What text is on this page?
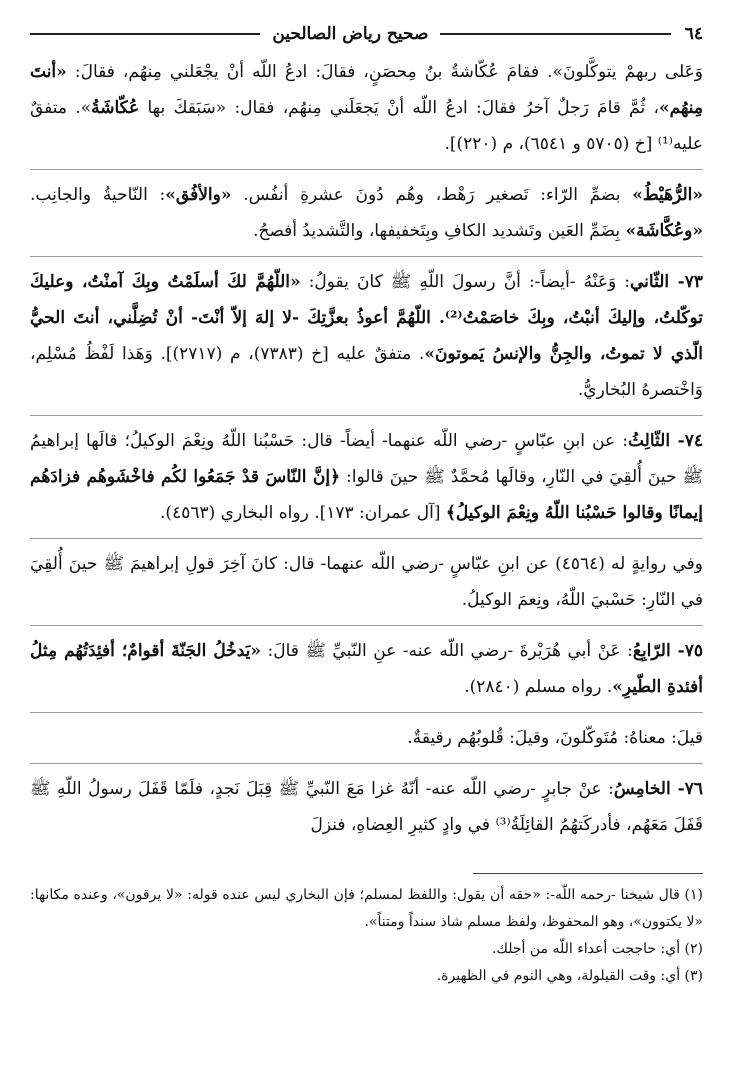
٦٤
صحيح رياض الصالحين

وَعَلى ربهمْ يتوكَّلونَ». فقامَ عُكّاشةُ بنُ مِحصَنٍ، فقالَ: ادعُ اللّه أنْ يجْعَلني مِنهُم، فقالَ: «أنتَ مِنهُم»، ثُمَّ قامَ رَجلٌ آخرُ فقالَ: ادعُ اللّه أنْ يَجعَلَني مِنهُم، فقال: «سَبَقكَ بها عُكّاشَةُ». متفقٌ عليه⁽¹⁾ [خ (٥٧٠٥ و ٦٥٤١)، م (٢٢٠)].

«الرُّهَيْطُ» بضمِّ الرّاء: تَصغير رَهْط، وهُم دُونَ عشرةِ أنفُس. «والأفُق»: النّاحيةُ والجانِب. «وعُكَّاشَة» بِضَمِّ العَين وتَشديد الكافِ وبِتَخفيفها، والتَّشديدُ أفصحُ.

٧٣- الثّاني: وَعَنْهُ -أيضاً-: أنَّ رسولَ اللّهِ ﷺ كانَ يقولُ: «اللّهُمَّ لكَ أسلَمْتُ وبِكَ آمنْتُ، وعليكَ توكّلتُ، وإليكَ أنبْتُ، وبِكَ خاصَمْتُ⁽²⁾. اللّهُمَّ أعوذُ بعزَّتِكَ -لا إلهَ إلاّ أنْتَ- أنْ تُضِلَّني، أنتَ الحيُّ الّذي لا تموتُ، والجِنُّ والإنسُ يَموتونَ». متفقٌ عليه [خ (٧٣٨٣)، م (٢٧١٧)]. وَهَذا لَفْظُ مُسْلِم، وَاخْتصرهُ البُخاريُّ.

٧٤- الثّالِثُ: عن ابنِ عبّاسٍ -رضي اللّه عنهما- أيضاً- قال: حَسْبُنا اللّهُ ونِعْمَ الوكيلُ؛ قالَها إبراهيمُ ﷺ حينَ أُلقِيَ في النّارِ، وقالَها مُحمَّدٌ ﷺ حينَ قالوا: ﴿إنَّ النّاسَ قدْ جَمَعُوا لكُم فاخْشَوهُم فزادَهُم إيمانًا وقالوا حَسْبُنا اللّهُ ونِعْمَ الوكيلُ﴾ [آل عمران: ١٧٣]. رواه البخاري (٤٥٦٣).

وفي روايةٍ له (٤٥٦٤) عن ابنِ عبّاسٍ -رضي اللّه عنهما- قال: كانَ آخِرَ قولِ إبراهيمَ ﷺ حينَ أُلقِيَ في النّارِ: حَسْبيَ اللّهُ، ونِعمَ الوكيلُ.

٧٥- الرّابِعُ: عَنْ أبي هُرَيْرةَ -رضي اللّه عنه- عنِ النّبيِّ ﷺ قالَ: «يَدخُلُ الجَنّةَ أقوامٌ؛ أفئِدَتُهُم مِثلُ أفئدةِ الطّيرِ». رواه مسلم (٢٨٤٠).

قيلَ: معناهُ: مُتَوكّلونَ، وقيلَ: قُلوبُهُم رقيقةٌ.

٧٦- الخامِسُ: عنْ جابرٍ -رضي اللّه عنه- أنّهُ غزا مَعَ النّبيِّ ﷺ قِبَلَ نَجدٍ، فلَمّا قَفَلَ رسولُ اللّهِ ﷺ قَفَلَ مَعَهُم، فأدركَتهُمُ القائِلَةُ⁽³⁾ في وادٍ كثيرِ العِضاهِ، فنزلَ

(١) قال شيخنا -رحمه اللّه-: «حقه أن يقول: واللفظ لمسلم؛ فإن البخاري ليس عنده قوله: «لا يرقون»، وعنده مكانها: «لا يكتوون»، وهو المحفوظ، ولفظ مسلم شاذ سنداً ومتناً».

(٢) أي: حاججت أعداء اللّه من أجلك.

(٣) أي: وقت القيلولة، وهي النوم في الظهيرة.
